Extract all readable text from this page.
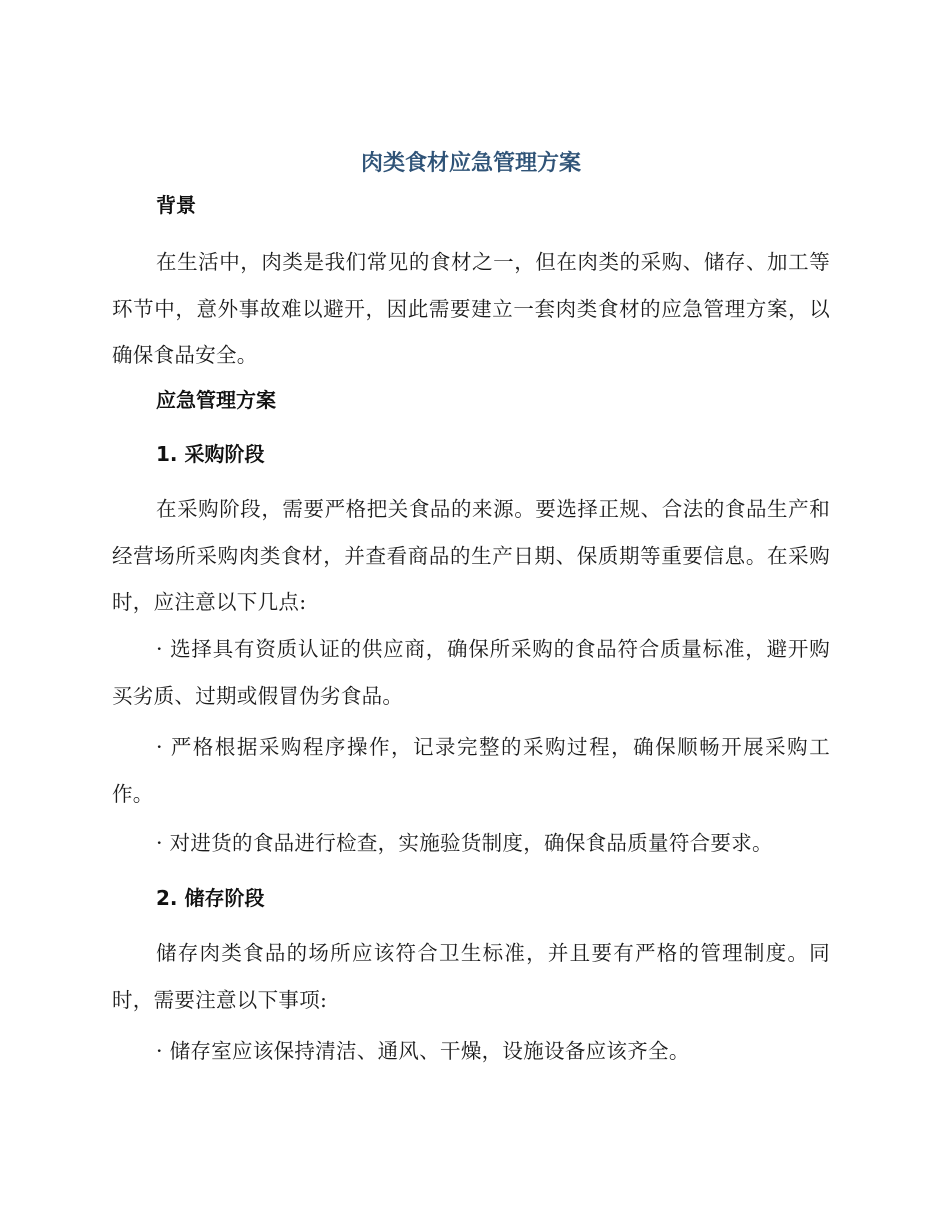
肉类食材应急管理方案
背景

在生活中，肉类是我们常见的食材之一，但在肉类的采购、储存、加工等环节中，意外事故难以避开，因此需要建立一套肉类食材的应急管理方案，以确保食品安全。

应急管理方案
1. 采购阶段

在采购阶段，需要严格把关食品的来源。要选择正规、合法的食品生产和经营场所采购肉类食材，并查看商品的生产日期、保质期等重要信息。在采购时，应注意以下几点:

· 选择具有资质认证的供应商，确保所采购的食品符合质量标准，避开购买劣质、过期或假冒伪劣食品。

· 严格根据采购程序操作，记录完整的采购过程，确保顺畅开展采购工作。

· 对进货的食品进行检查，实施验货制度，确保食品质量符合要求。

2. 储存阶段

储存肉类食品的场所应该符合卫生标准，并且要有严格的管理制度。同时，需要注意以下事项:

· 储存室应该保持清洁、通风、干燥，设施设备应该齐全。
